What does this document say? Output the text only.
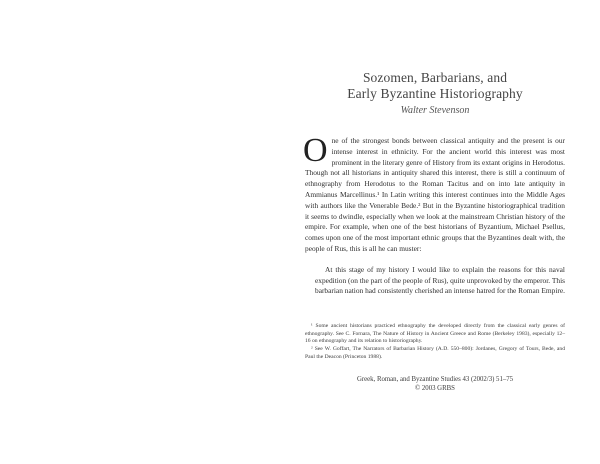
Sozomen, Barbarians, and
Early Byzantine Historiography

Walter Stevenson

O ne of the strongest bonds between classical antiquity and the present is our intense interest in ethnicity. For the ancient world this interest was most prominent in the literary genre of History from its extant origins in Herodotus. Though not all historians in antiquity shared this interest, there is still a continuum of ethnography from Herodotus to the Roman Tacitus and on into late antiquity in Ammianus Marcellinus.¹ In Latin writing this interest continues into the Middle Ages with authors like the Venerable Bede.² But in the Byzantine historiographical tradition it seems to dwindle, especially when we look at the mainstream Christian history of the empire. For example, when one of the best historians of Byzantium, Michael Psellus, comes upon one of the most important ethnic groups that the Byzantines dealt with, the people of Rus, this is all he can muster:

At this stage of my history I would like to explain the reasons for this naval expedition (on the part of the people of Rus), quite unprovoked by the emperor. This barbarian nation had consistently cherished an intense hatred for the Roman Empire.

¹ Some ancient historians practiced ethnography the developed directly from the classical early genres of ethnography. See C. Fornara, The Nature of History in Ancient Greece and Rome (Berkeley 1983), especially 12–16 on ethnography and its relation to historiography.

² See W. Goffart, The Narrators of Barbarian History (A.D. 550–800): Jordanes, Gregory of Tours, Bede, and Paul the Deacon (Princeton 1988).

Greek, Roman, and Byzantine Studies 43 (2002/3) 51–75
© 2003 GRBS
